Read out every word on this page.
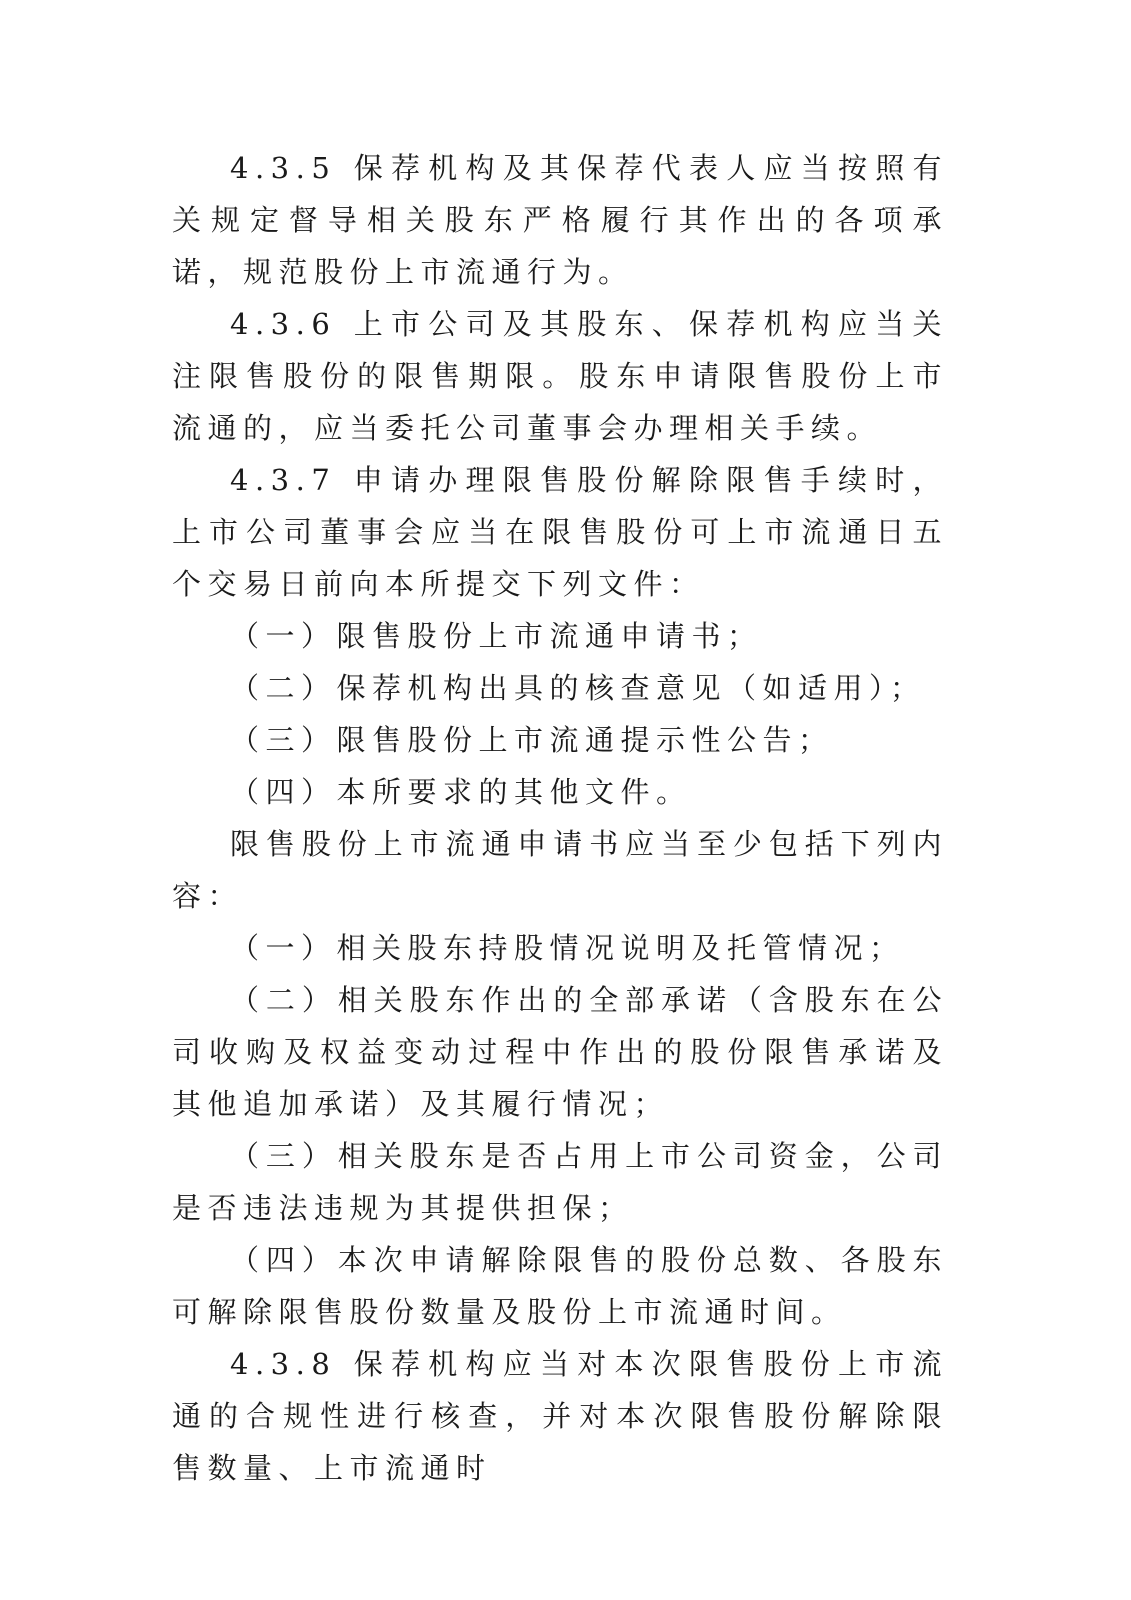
4.3.5 保荐机构及其保荐代表人应当按照有关规定督导相关股东严格履行其作出的各项承诺，规范股份上市流通行为。

4.3.6 上市公司及其股东、保荐机构应当关注限售股份的限售期限。股东申请限售股份上市流通的，应当委托公司董事会办理相关手续。

4.3.7 申请办理限售股份解除限售手续时，上市公司董事会应当在限售股份可上市流通日五个交易日前向本所提交下列文件：

（一）限售股份上市流通申请书；

（二）保荐机构出具的核查意见（如适用）；

（三）限售股份上市流通提示性公告；

（四）本所要求的其他文件。

限售股份上市流通申请书应当至少包括下列内容：

（一）相关股东持股情况说明及托管情况；

（二）相关股东作出的全部承诺（含股东在公司收购及权益变动过程中作出的股份限售承诺及其他追加承诺）及其履行情况；

（三）相关股东是否占用上市公司资金，公司是否违法违规为其提供担保；

（四）本次申请解除限售的股份总数、各股东可解除限售股份数量及股份上市流通时间。

4.3.8 保荐机构应当对本次限售股份上市流通的合规性进行核查，并对本次限售股份解除限售数量、上市流通时
